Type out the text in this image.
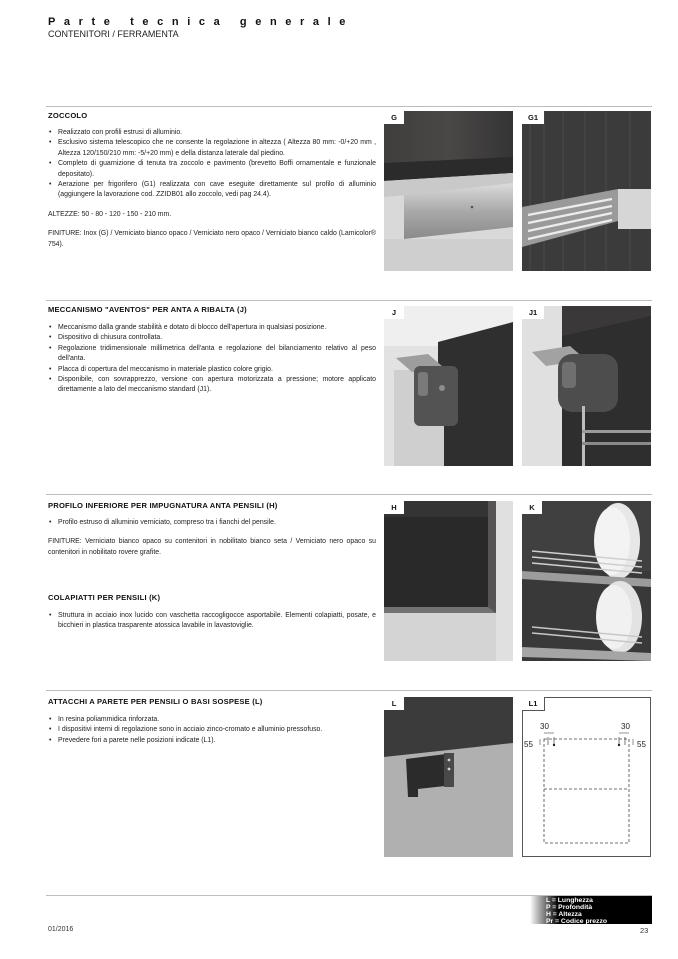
Parte tecnica generale
CONTENITORI / FERRAMENTA
ZOCCOLO
• Realizzato con profili estrusi di alluminio.
• Esclusivo sistema telescopico che ne consente la regolazione in altezza ( Altezza 80 mm: -0/+20 mm , Altezza 120/150/210 mm: -5/+20 mm) e della distanza laterale dal piedino.
• Completo di guarnizione di tenuta tra zoccolo e pavimento (brevetto Boffi ornamentale e funzionale depositato).
• Aerazione per frigorifero (G1) realizzata con cave eseguite direttamente sul profilo di alluminio (aggiungere la lavorazione cod. ZZIDB01 allo zoccolo, vedi pag 24.4).

ALTEZZE: 50 - 80 - 120 - 150 - 210 mm.

FINITURE: Inox (G) / Verniciato bianco opaco / Verniciato nero opaco / Verniciato bianco caldo (Lamicolor® 754).

G	G1
MECCANISMO "AVENTOS" PER ANTA A RIBALTA (J)
• Meccanismo dalla grande stabilità e dotato di blocco dell'apertura in qualsiasi posizione.
• Dispositivo di chiusura controllata.
• Regolazione tridimensionale millimetrica dell'anta e regolazione del bilanciamento relativo al peso dell'anta.
• Placca di copertura del meccanismo in materiale plastico colore grigio.
• Disponibile, con sovrapprezzo, versione con apertura motorizzata a pressione; motore applicato direttamente a lato del meccanismo standard (J1).
J	J1
PROFILO INFERIORE PER IMPUGNATURA ANTA PENSILI (H)
• Profilo estruso di alluminio verniciato, compreso tra i fianchi del pensile.

FINITURE: Verniciato bianco opaco su contenitori in nobilitato bianco seta / Verniciato nero opaco su contenitori in nobilitato rovere grafite.

COLAPIATTI PER PENSILI (K)
• Struttura in acciaio inox lucido con vaschetta raccogligocce asportabile. Elementi colapiatti, posate, e bicchieri in plastica trasparente atossica lavabile in lavastoviglie.
H	K
ATTACCHI A PARETE PER PENSILI O BASI SOSPESE (L)
• In resina poliammidica rinforzata.
• I dispositivi interni di regolazione sono in acciaio zinco-cromato e alluminio pressofuso.
• Prevedere fori a parete nelle posizioni indicate (L1).
L
30	30
55	55
L1
L = Lunghezza
P = Profondità
H = Altezza
Pr = Codice prezzo
01/2016	23
